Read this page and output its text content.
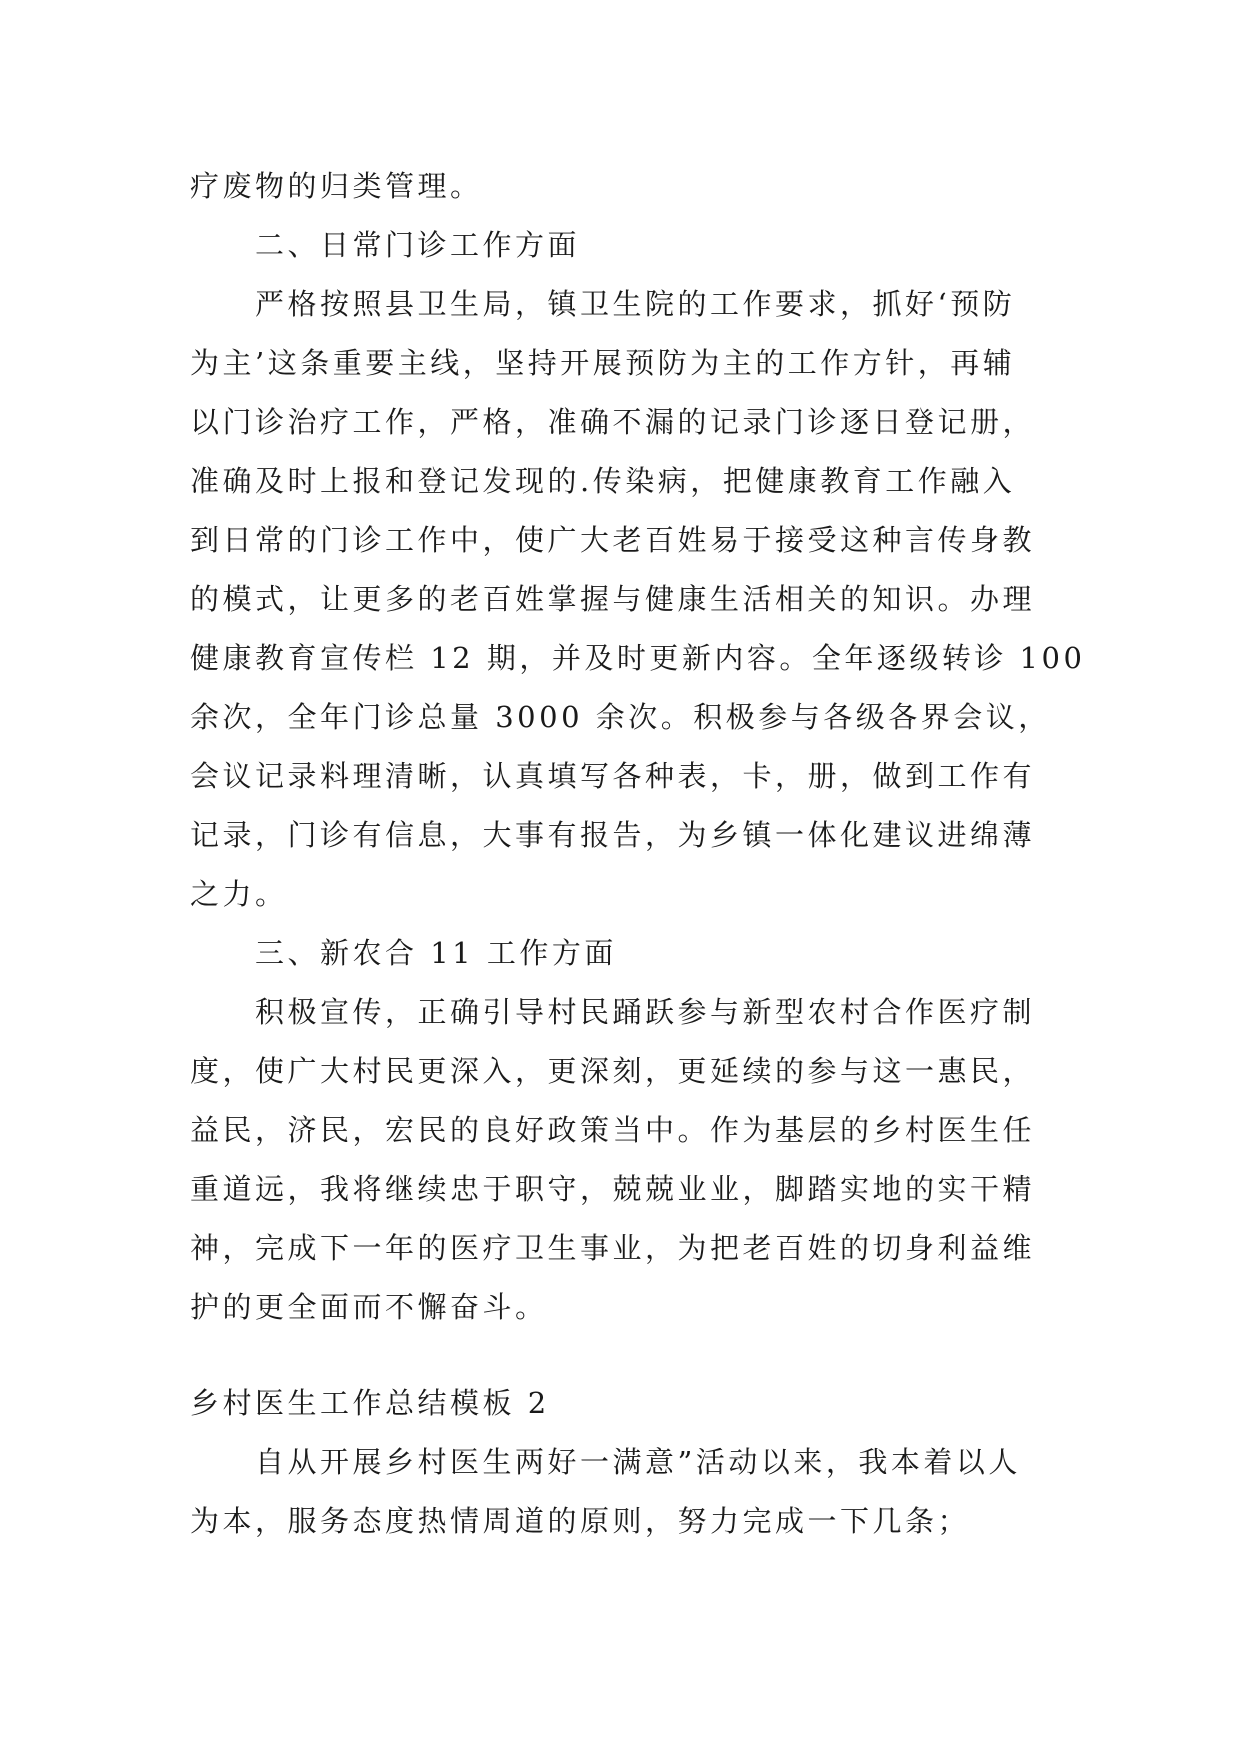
疗废物的归类管理。
二、日常门诊工作方面
严格按照县卫生局，镇卫生院的工作要求，抓好‘预防
为主’这条重要主线，坚持开展预防为主的工作方针，再辅
以门诊治疗工作，严格，准确不漏的记录门诊逐日登记册，
准确及时上报和登记发现的.传染病，把健康教育工作融入
到日常的门诊工作中，使广大老百姓易于接受这种言传身教
的模式，让更多的老百姓掌握与健康生活相关的知识。办理
健康教育宣传栏 12 期，并及时更新内容。全年逐级转诊 100
余次，全年门诊总量 3000 余次。积极参与各级各界会议，
会议记录料理清晰，认真填写各种表，卡，册，做到工作有
记录，门诊有信息，大事有报告，为乡镇一体化建议进绵薄
之力。
三、新农合 11 工作方面
积极宣传，正确引导村民踊跃参与新型农村合作医疗制
度，使广大村民更深入，更深刻，更延续的参与这一惠民，
益民，济民，宏民的良好政策当中。作为基层的乡村医生任
重道远，我将继续忠于职守，兢兢业业，脚踏实地的实干精
神，完成下一年的医疗卫生事业，为把老百姓的切身利益维
护的更全面而不懈奋斗。
乡村医生工作总结模板 2
自从开展乡村医生两好一满意”活动以来，我本着以人
为本，服务态度热情周道的原则，努力完成一下几条；
